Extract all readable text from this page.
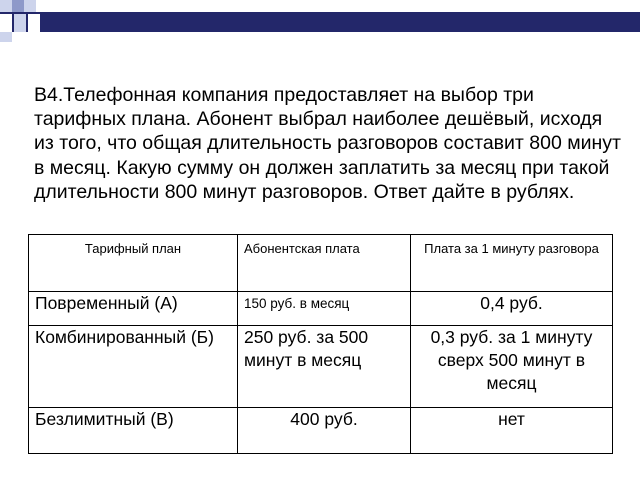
В4.Телефонная компания предоставляет на выбор три тарифных плана. Абонент выбрал наиболее дешёвый, исходя из того, что общая длительность разговоров составит 800 минут в месяц. Какую сумму он должен заплатить за месяц при такой длительности 800 минут разговоров. Ответ дайте в рублях.

Тарифный план	Абонентская плата	Плата за 1 минуту разговора
Повременный (А)	150 руб. в месяц	0,4 руб.
Комбинированный (Б)	250 руб. за 500 минут в месяц	0,3 руб. за 1 минуту сверх 500 минут в месяц
Безлимитный (В)	400 руб.	нет
